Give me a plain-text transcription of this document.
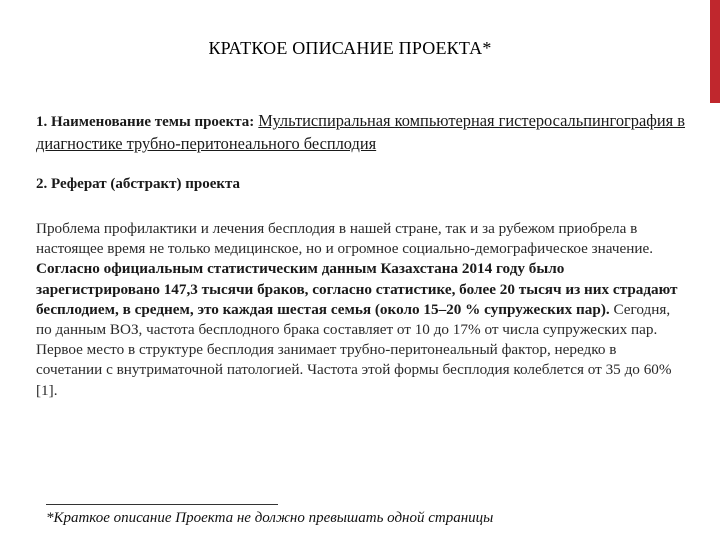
КРАТКОЕ ОПИСАНИЕ ПРОЕКТА*
1. Наименование темы проекта: Мультиспиральная компьютерная гистеросальпингография в диагностике трубно-перитонеального бесплодия
2. Реферат (абстракт) проекта
Проблема профилактики и лечения бесплодия в нашей стране, так и за рубежом приобрела в настоящее время не только медицинское, но и огромное социально-демографическое значение. Согласно официальным статистическим данным Казахстана 2014 году было зарегистрировано 147,3 тысячи браков, согласно статистике, более 20 тысяч из них страдают бесплодием, в среднем, это каждая шестая семья (около 15–20 % супружеских пар). Сегодня, по данным ВОЗ, частота бесплодного брака составляет от 10 до 17% от числа супружеских пар. Первое место в структуре бесплодия занимает трубно-перитонеальный фактор, нередко в сочетании с внутриматочной патологией. Частота этой формы бесплодия колеблется от 35 до 60% [1].
*Краткое описание Проекта не должно превышать одной страницы
